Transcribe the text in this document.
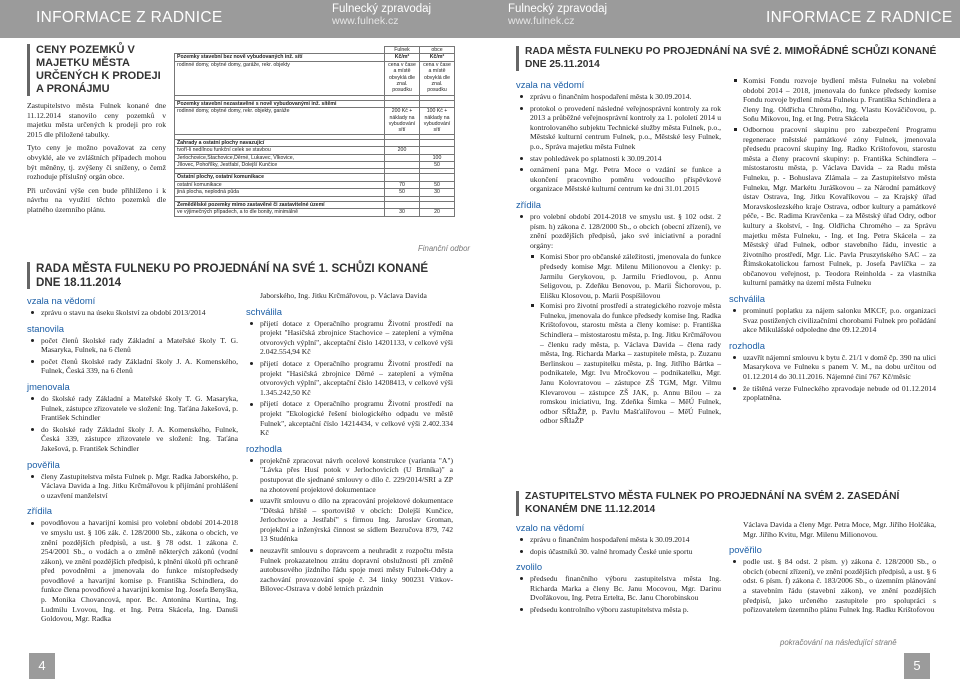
INFORMACE Z RADNICE	Fulnecký zpravodaj
www.fulnek.cz
CENY POZEMKŮ V MAJETKU MĚSTA URČENÝCH K PRODEJI A PRONÁJMU

Zastupitelstvo města Fulnek konané dne 11.12.2014 stanovilo ceny pozemků v majetku města určených k prodeji pro rok 2015 dle přiložené tabulky.

Tyto ceny je možno považovat za ceny obvyklé, ale ve zvláštních případech mohou být měněny, tj. zvýšeny či sníženy, o čemž rozhoduje příslušný orgán obce.

Při určování výše cen bude přihlíženo i k návrhu na využití těchto pozemků dle platného územního plánu.

	Fulnek	obce
Pozemky stavební bez nově vybudovaných inž. sítí	Kč/m²	Kč/m²
rodinné domy, obytné domy, garáže, rekr. objekty	cena v čase a místě obvyklá dle znal. posudku	cena v čase a místě obvyklá dle znal. posudku

Pozemky stavební nezastavěné s nově vybudovanými inž. sítěmi		
rodinné domy, obytné domy, rekr. objekty, garáže	200 Kč + náklady na vybudování sítí	100 Kč + náklady na vybudování sítí

Zahrady a ostatní plochy navazující		
tvoří-li nedílnou funkční celek se stavbou	200	
Jerlochovice,Stachovice,Děrné, Lukavec, Vlkovice,		100
Jílovec, Pohořílky, Jestřabí, Dolejší Kunčice		50

Ostatní plochy, ostatní komunikace		
ostatní komunikace	70	50
jiná plocha, neplodná půda	50	30

Zemědělské pozemky mimo zastavěné či zastavitelné území		
ve výjimečných případech, a to dle bonity, minimálně	30	20
Finanční odbor
RADA MĚSTA FULNEKU PO PROJEDNÁNÍ NA SVÉ 1. SCHŮZI KONANÉ DNE 18.11.2014
vzala na vědomí
zprávu o stavu na úseku školství za období 2013/2014
stanovila
počet členů školské rady Základní a Mateřské školy T. G. Masaryka, Fulnek, na 6 členů
počet členů školské rady Základní školy J. A. Komenského, Fulnek, Česká 339, na 6 členů
jmenovala
do školské rady Základní a Mateřské školy T. G. Masaryka, Fulnek, zástupce zřizovatele ve složení: Ing. Taťána Jakešová, p. František Schindler
do školské rady Základní školy J. A. Komenského, Fulnek, Česká 339, zástupce zřizovatele ve složení: Ing. Taťána Jakešová, p. František Schindler
pověřila
členy Zastupitelstva města Fulnek p. Mgr. Radka Jaborského, p. Václava Davida a Ing. Jitku Krčmářovou k přijímání prohlášení o uzavření manželství
zřídila
povodňovou a havarijní komisi pro volební období 2014-2018 ve smyslu ust. § 106 zák. č. 128/2000 Sb., zákona o obcích, ve znění pozdějších předpisů, a ust. § 78 odst. 1 zákona č. 254/2001 Sb., o vodách a o změně některých zákonů (vodní zákon), ve znění pozdějších předpisů, k plnění úkolů při ochraně před povodněmi a jmenovala do funkce místopředsedy povodňové a havarijní komise p. Františka Schindlera, do funkce člena povodňové a havarijní komise Ing. Josefa Benyška, p. Monika Chovancová, npor. Bc. Antonína Kurtina, Ing. Ludmilu Lvovou, Ing. et Ing. Petra Skácela, Ing. Danuši Goldovou, Mgr. Radka

Jaborského, Ing. Jitku Krčmářovou, p. Václava Davida

schválila
přijetí dotace z Operačního programu Životní prostředí na projekt "Hasičská zbrojnice Stachovice – zateplení a výměna otvorových výplní", akceptační číslo 14201133, v celkové výši 2.042.554,94 Kč
přijetí dotace z Operačního programu Životní prostředí na projekt "Hasičská zbrojnice Děrné – zateplení a výměna otvorových výplní", akceptační číslo 14208413, v celkové výši 1.345.242,50 Kč
přijetí dotace z Operačního programu Životní prostředí na projekt "Ekologické řešení biologického odpadu ve městě Fulnek", akceptační číslo 14214434, v celkové výši 2.402.334 Kč
rozhodla
projekčně zpracovat návrh ocelové konstrukce (varianta "A") "Lávka přes Husí potok v Jerlochovicích (U Brtníka)" a postupovat dle sjednané smlouvy o dílo č. 229/2014/SRI a ZP na zhotovení projektové dokumentace
uzavřít smlouvu o dílo na zpracování projektové dokumentace "Dětská hřiště – sportoviště v obcích: Dolejší Kunčice, Jerlochovice a Jestřabí" s firmou Ing. Jaroslav Groman, projekční a inženýrská činnost se sídlem Bezručova 879, 742 13 Studénka
neuzavřít smlouvu s dopravcem a neuhradit z rozpočtu města Fulnek prokazatelnou ztrátu dopravní obslužnosti při změně autobusového jízdního řádu spoje mezi městy Fulnek-Odry a zachování provozování spoje č. 34 linky 900231 Vítkov-Bílovec-Ostrava v době letních prázdnin
4
Fulnecký zpravodaj
www.fulnek.cz	INFORMACE Z RADNICE
RADA MĚSTA FULNEKU PO PROJEDNÁNÍ NA SVÉ 2. MIMOŘÁDNÉ SCHŮZI KONANÉ DNE 25.11.2014
vzala na vědomí
zprávu o finančním hospodaření města k 30.09.2014.
protokol o provedení následné veřejnosprávní kontroly za rok 2013 a průběžné veřejnosprávní kontroly za 1. pololetí 2014 u kontrolovaného subjektu Technické služby města Fulnek, p.o., Městské kulturní centrum Fulnek, p.o., Městské lesy Fulnek, p.o., Správa majetku města Fulnek
stav pohledávek po splatnosti k 30.09.2014
oznámení pana Mgr. Petra Moce o vzdání se funkce a ukončení pracovního poměru vedoucího příspěvkové organizace Městské kulturní centrum ke dni 31.01.2015
zřídila
pro volební období 2014-2018 ve smyslu ust. § 102 odst. 2 písm. h) zákona č. 128/2000 Sb., o obcích (obecní zřízení), ve znění pozdějších předpisů, jako své iniciativní a poradní orgány:
Komisi Sbor pro občanské záležitosti, jmenovala do funkce předsedy komise Mgr. Milenu Milionovou a členky: p. Jarmilu Gerykovou, p. Jarmilu Friedlovou, p. Annu Seligovou, p. Zdeňku Benovou, p. Marii Šichorovou, p. Elišku Klosovou, p. Marii Pospíšilovou
Komisi pro životní prostředí a strategického rozvoje města Fulneku, jmenovala do funkce předsedy komise Ing. Radka Krištofovou, starostu města a členy komise: p. Františka Schindlera – místostarostu města, p. Ing. Jitku Krčmářovou – členku rady města, p. Václava Davida – člena rady města, Ing. Richarda Marka – zastupitele města, p. Zuzanu Berlinskou – zastupitelku města, p. Ing. Jitřího Bártka – podnikatele, Mgr. Ivu Mročkovou – podnikatelku, Mgr. Janu Kolovratovou – zástupce ZŠ TGM, Mgr. Vilmu Klevarovou – zástupce ZŠ JAK, p. Annu Bílou – za romskou iniciativu, Ing. Zdeňka Šimka – MěÚ Fulnek, odbor SŘIaŽP, p. Pavlu Mašťalířovou – MěÚ Fulnek, odbor SŘIaŽP
Komisi Fondu rozvoje bydlení města Fulneku na volební období 2014 – 2018, jmenovala do funkce předsedy komise Fondu rozvoje bydlení města Fulneku p. Františka Schindlera a členy Ing. Oldřicha Chromého, Ing. Vlastu Kováčičovou, p. Soňu Mikovou, Ing. et Ing. Petra Skácela
Odbornou pracovní skupinu pro zabezpečení Programu regenerace městské památkové zóny Fulnek, jmenovala předsedu pracovní skupiny Ing. Radko Krištofovou, starostu města a členy pracovní skupiny: p. Františka Schindlera – místostarostu města, p. Václava Davida – za Radu města Fulneku, p. - Bohuslava Zlámala – za Zastupitelstvo města Fulneku, Mgr. Markétu Juráškovou – za Národní památkový ústav Ostrava, Ing. Jitku Kovaříkovou – za Krajský úřad Moravskoslezského kraje Ostrava, odbor kultury a památkové péče, - Bc. Radima Kravčenka – za Městský úřad Odry, odbor kultury a školství, - Ing. Oldřicha Chromého – za Správu majetku města Fulneku, - Ing. et Ing. Petra Skácela – za Městský úřad Fulnek, odbor stavebního řádu, investic a životního prostředí, Mgr. Lic. Pavla Pruszyńského SAC – za Římskokatolickou farnost Fulnek, p. Josefa Pavlíčka – za občanovou veřejnost, p. Teodora Reinholda - za vlastníka kulturní památky na území města Fulneku
schválila
prominutí poplatku za nájem salonku MKCF, p.o. organizaci Svaz postižených civilizačními chorobami Fulnek pro pořádání akce Mikulášské odpoledne dne 09.12.2014
rozhodla
uzavřít nájemní smlouvu k bytu č. 21/1 v domě čp. 390 na ulici Masarykova ve Fulneku s panem V. M., na dobu určitou od 01.12.2014 do 30.11.2016. Nájemné činí 767 Kč/měsíc
že tištěná verze Fulneckého zpravodaje nebude od 01.12.2014 zpoplatněna.
ZASTUPITELSTVO MĚSTA FULNEK PO PROJEDNÁNÍ NA SVÉM 2. ZASEDÁNÍ KONANÉM DNE 11.12.2014
vzalo na vědomí
zprávu o finančním hospodaření města k 30.09.2014
dopis účastníků 30. valné hromady České unie sportu
zvolilo
předsedu finančního výboru zastupitelstva města Ing. Richarda Marka a členy Bc. Janu Mocovou, Mgr. Darinu Dvořákovou, Ing. Petra Ertelta, Bc. Janu Chorobinskou
předsedu kontrolního výboru zastupitelstva města p.

Václava Davida a členy Mgr. Petra Moce, Mgr. Jiřího Holčáka, Mgr. Jiřího Kvitu, Mgr. Milenu Milionovou.

pověřilo
podle ust. § 84 odst. 2 písm. y) zákona č. 128/2000 Sb., o obcích (obecní zřízení), ve znění pozdějších předpisů, a ust. § 6 odst. 6 písm. f) zákona č. 183/2006 Sb., o územním plánování a stavebním řádu (stavební zákon), ve znění pozdějších předpisů, jako určeného zastupitele pro spolupráci s pořizovatelem územního plánu Fulnek Ing. Radku Krištofovou
pokračování na následující straně
5
